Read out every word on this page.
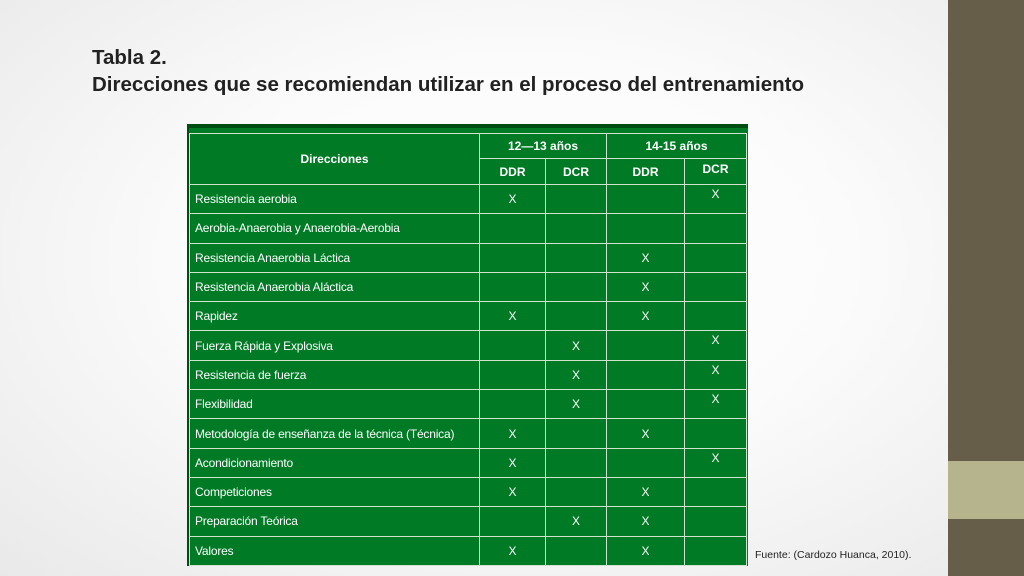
Tabla 2.
Direcciones que se recomiendan utilizar en el proceso del entrenamiento
Direcciones	12—13 años		14-15 años	
	DDR	DCR	DDR	DCR
Resistencia aerobia	X			X
Aerobia-Anaerobia y Anaerobia-Aerobia				
Resistencia Anaerobia Láctica			X	
Resistencia Anaerobia Aláctica			X	
Rapidez	X		X	
Fuerza Rápida y Explosiva		X		X
Resistencia de fuerza		X		X
Flexibilidad		X		X
Metodología de enseñanza de la técnica (Técnica)	X		X	
Acondicionamiento	X			X
Competiciones	X		X	
Preparación Teórica		X	X	
Valores	X		X		Fuente: (Cardozo Huanca, 2010).
